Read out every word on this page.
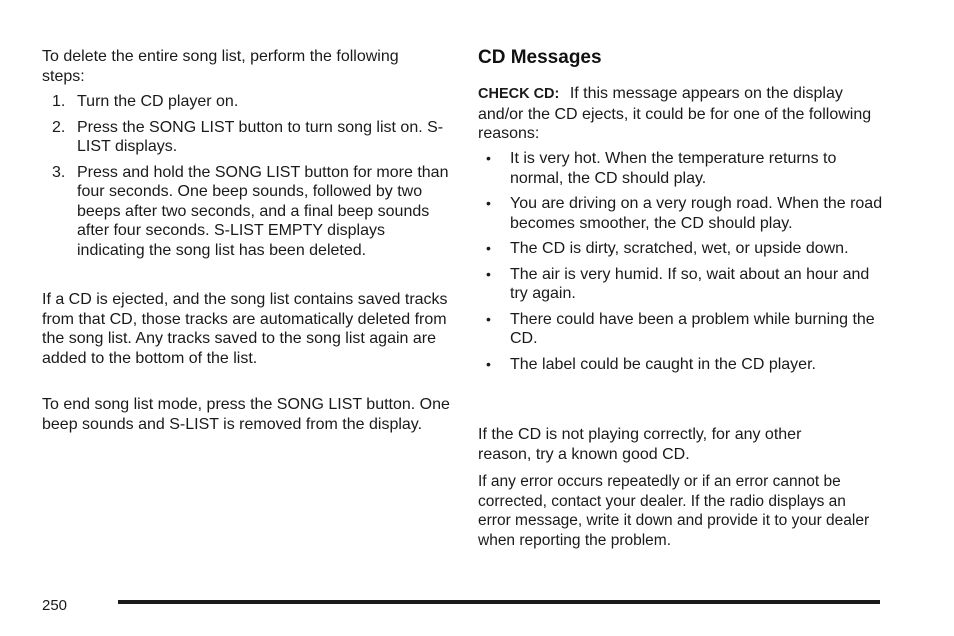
To delete the entire song list, perform the following steps:

1. Turn the CD player on.
2. Press the SONG LIST button to turn song list on. S-LIST displays.
3. Press and hold the SONG LIST button for more than four seconds. One beep sounds, followed by two beeps after two seconds, and a final beep sounds after four seconds. S-LIST EMPTY displays indicating the song list has been deleted.

If a CD is ejected, and the song list contains saved tracks from that CD, those tracks are automatically deleted from the song list. Any tracks saved to the song list again are added to the bottom of the list.

To end song list mode, press the SONG LIST button. One beep sounds and S-LIST is removed from the display.

CD Messages

CHECK CD: If this message appears on the display and/or the CD ejects, it could be for one of the following reasons:

• It is very hot. When the temperature returns to normal, the CD should play.
• You are driving on a very rough road. When the road becomes smoother, the CD should play.
• The CD is dirty, scratched, wet, or upside down.
• The air is very humid. If so, wait about an hour and try again.
• There could have been a problem while burning the CD.
• The label could be caught in the CD player.

If the CD is not playing correctly, for any other reason, try a known good CD.

If any error occurs repeatedly or if an error cannot be corrected, contact your dealer. If the radio displays an error message, write it down and provide it to your dealer when reporting the problem.

250
